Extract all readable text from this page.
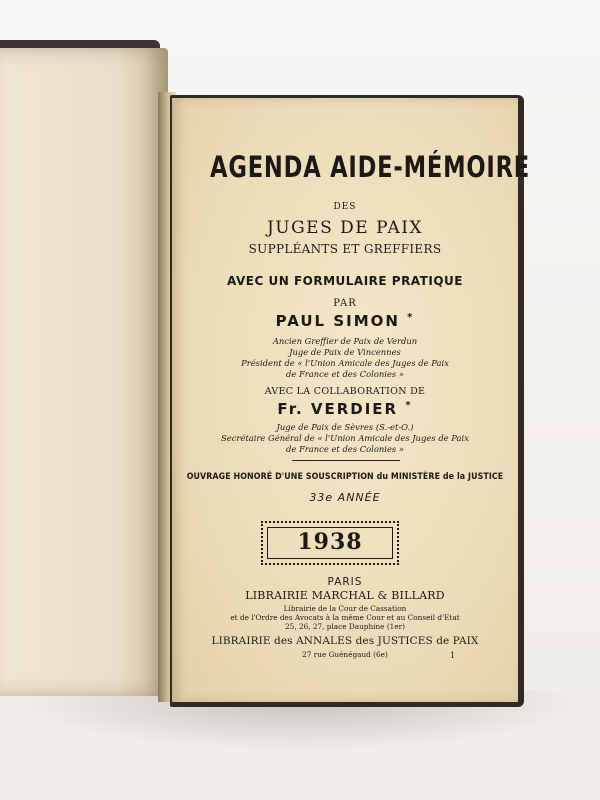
AGENDA AIDE-MÉMOIRE
DES
JUGES DE PAIX
SUPPLÉANTS ET GREFFIERS
AVEC UN FORMULAIRE PRATIQUE
PAR
PAUL SIMON *
Ancien Greffier de Paix de Verdun
Juge de Paix de Vincennes
Président de « l'Union Amicale des Juges de Paix
de France et des Colonies »
AVEC LA COLLABORATION DE
Fr. VERDIER *
Juge de Paix de Sèvres (S.-et-O.)
Secrétaire Général de « l'Union Amicale des Juges de Paix
de France et des Colonies »
OUVRAGE HONORÉ D'UNE SOUSCRIPTION du MINISTÈRE de la JUSTICE
33e ANNÉE
1938
PARIS
LIBRAIRIE MARCHAL & BILLARD
Librairie de la Cour de Cassation
et de l'Ordre des Avocats à la même Cour et au Conseil d'Etat
25, 26, 27, place Dauphine (1er)
LIBRAIRIE des ANNALES des JUSTICES de PAIX
27 rue Guénégaud (6e)	1
